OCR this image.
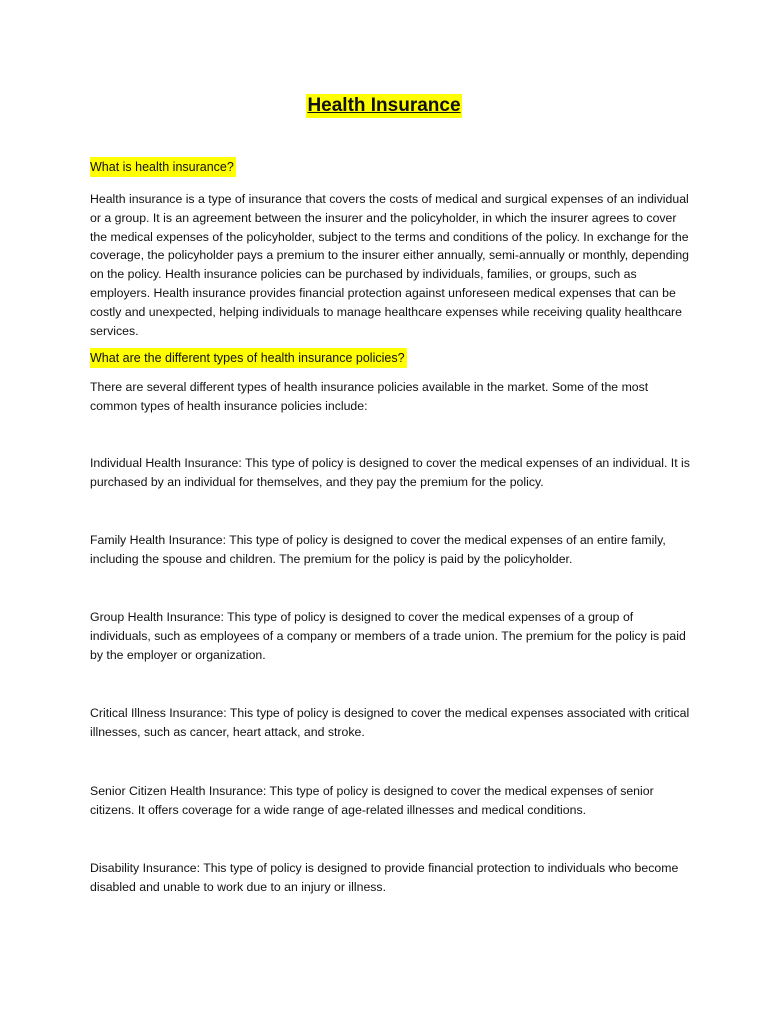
Health Insurance
What is health insurance?

Health insurance is a type of insurance that covers the costs of medical and surgical expenses of an individual or a group. It is an agreement between the insurer and the policyholder, in which the insurer agrees to cover the medical expenses of the policyholder, subject to the terms and conditions of the policy. In exchange for the coverage, the policyholder pays a premium to the insurer either annually, semi-annually or monthly, depending on the policy. Health insurance policies can be purchased by individuals, families, or groups, such as employers. Health insurance provides financial protection against unforeseen medical expenses that can be costly and unexpected, helping individuals to manage healthcare expenses while receiving quality healthcare services.

What are the different types of health insurance policies?

There are several different types of health insurance policies available in the market. Some of the most common types of health insurance policies include:

Individual Health Insurance: This type of policy is designed to cover the medical expenses of an individual. It is purchased by an individual for themselves, and they pay the premium for the policy.

Family Health Insurance: This type of policy is designed to cover the medical expenses of an entire family, including the spouse and children. The premium for the policy is paid by the policyholder.

Group Health Insurance: This type of policy is designed to cover the medical expenses of a group of individuals, such as employees of a company or members of a trade union. The premium for the policy is paid by the employer or organization.

Critical Illness Insurance: This type of policy is designed to cover the medical expenses associated with critical illnesses, such as cancer, heart attack, and stroke.

Senior Citizen Health Insurance: This type of policy is designed to cover the medical expenses of senior citizens. It offers coverage for a wide range of age-related illnesses and medical conditions.

Disability Insurance: This type of policy is designed to provide financial protection to individuals who become disabled and unable to work due to an injury or illness.
